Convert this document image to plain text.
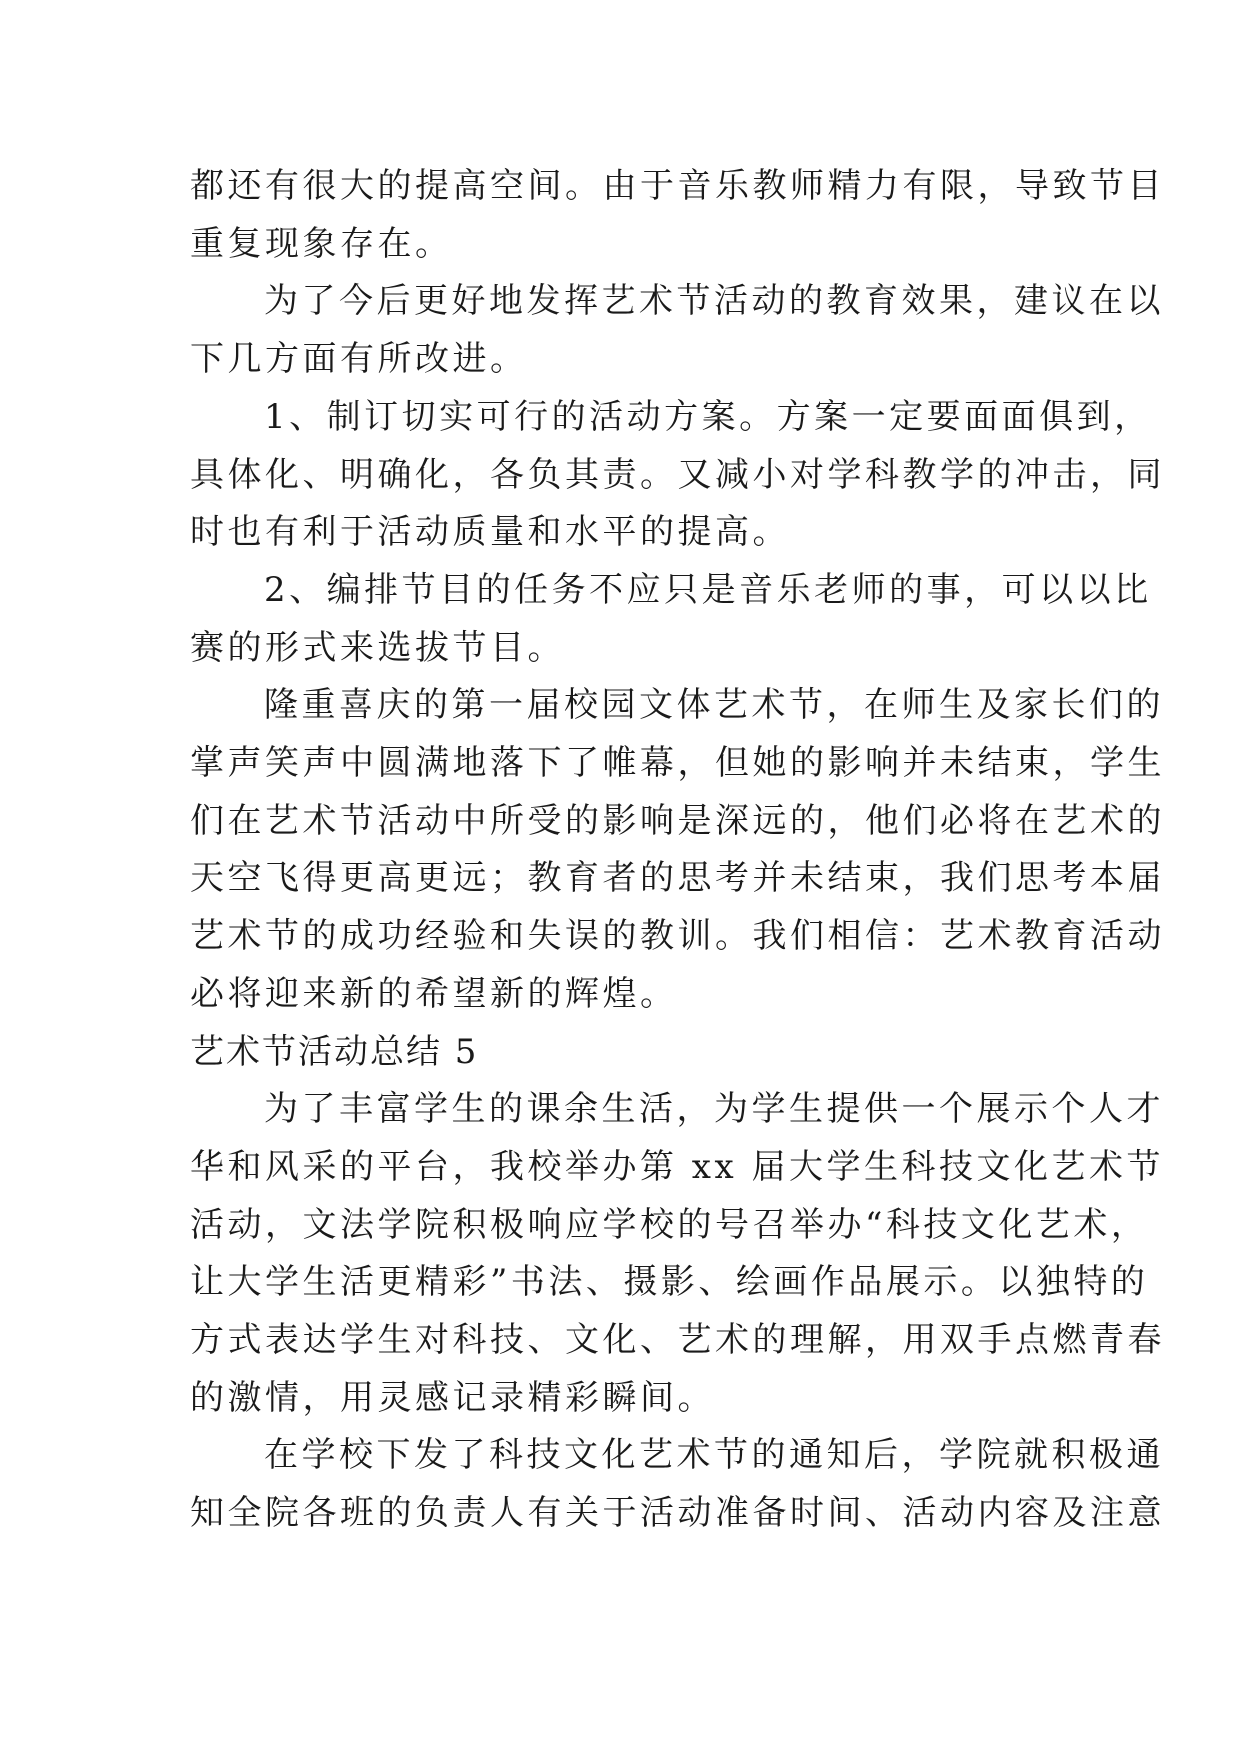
都还有很大的提高空间。由于音乐教师精力有限，导致节目

重复现象存在。

为了今后更好地发挥艺术节活动的教育效果，建议在以

下几方面有所改进。

1、制订切实可行的活动方案。方案一定要面面俱到，

具体化、明确化，各负其责。又减小对学科教学的冲击，同

时也有利于活动质量和水平的提高。

2、编排节目的任务不应只是音乐老师的事，可以以比

赛的形式来选拔节目。

隆重喜庆的第一届校园文体艺术节，在师生及家长们的

掌声笑声中圆满地落下了帷幕，但她的影响并未结束，学生

们在艺术节活动中所受的影响是深远的，他们必将在艺术的

天空飞得更高更远；教育者的思考并未结束，我们思考本届

艺术节的成功经验和失误的教训。我们相信：艺术教育活动

必将迎来新的希望新的辉煌。

艺术节活动总结 5

为了丰富学生的课余生活，为学生提供一个展示个人才

华和风采的平台，我校举办第 xx 届大学生科技文化艺术节

活动，文法学院积极响应学校的号召举办“科技文化艺术，

让大学生活更精彩”书法、摄影、绘画作品展示。以独特的

方式表达学生对科技、文化、艺术的理解，用双手点燃青春

的激情，用灵感记录精彩瞬间。

在学校下发了科技文化艺术节的通知后，学院就积极通

知全院各班的负责人有关于活动准备时间、活动内容及注意
